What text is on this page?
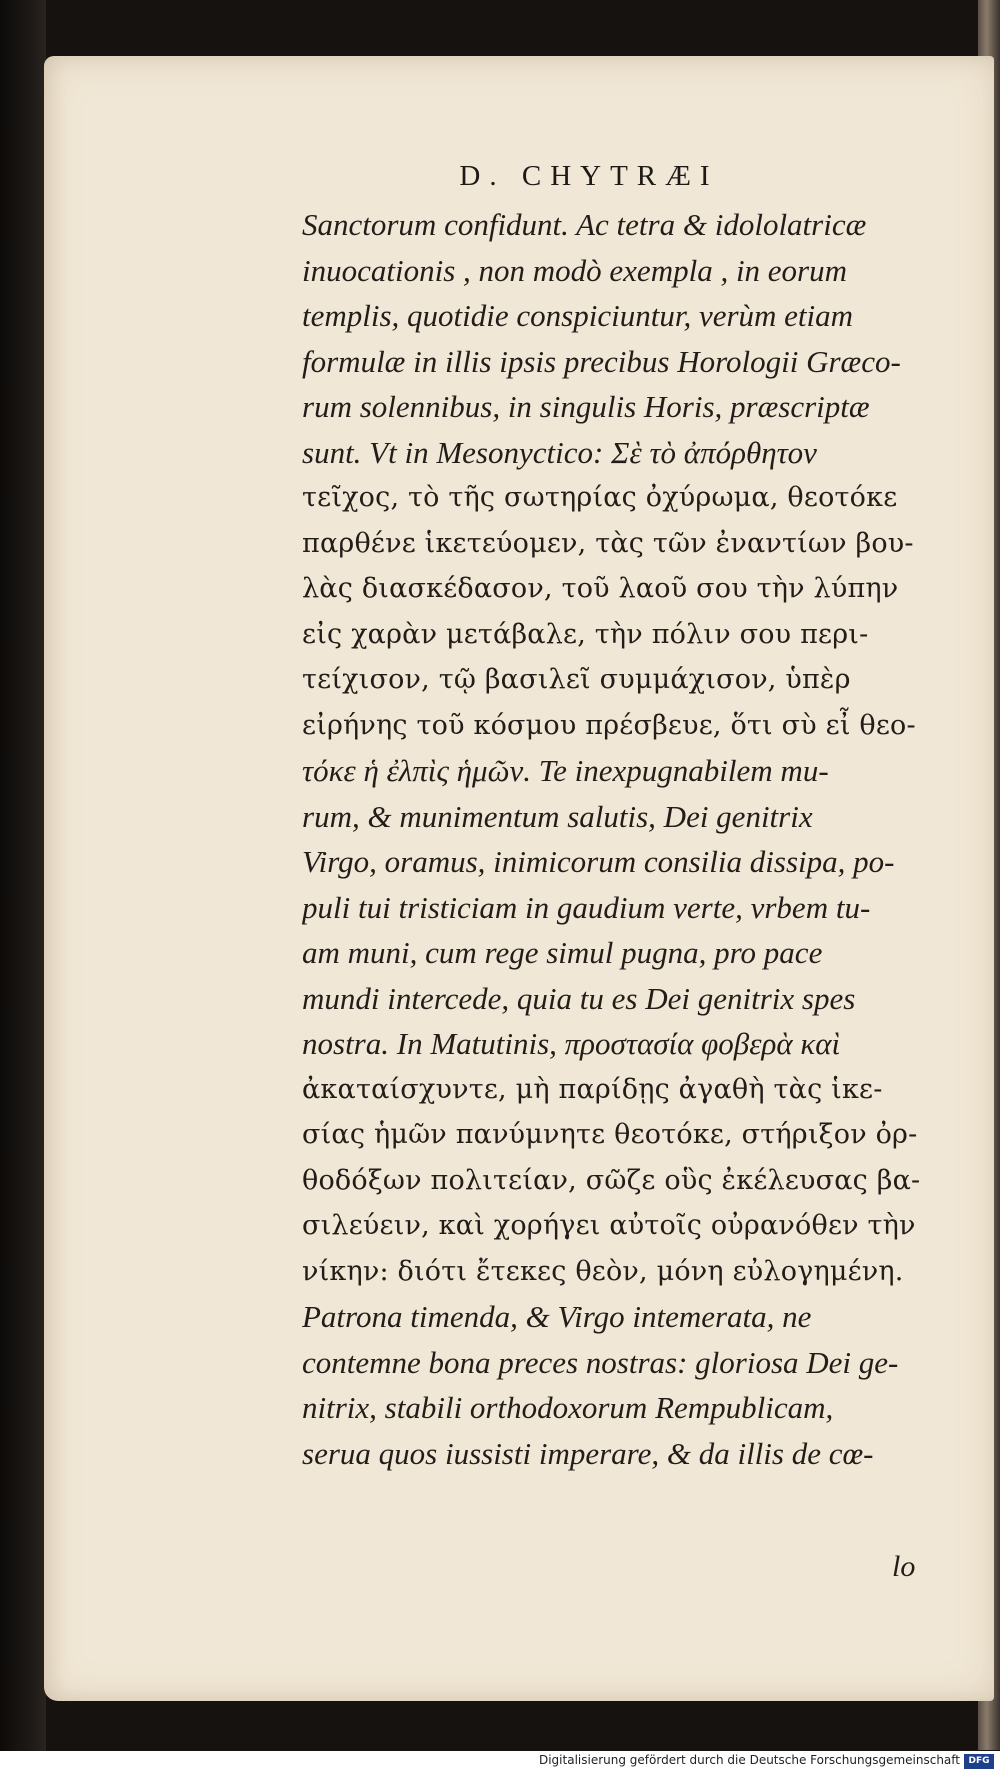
D. CHYTRÆI
Sanctorum confidunt. Ac tetra & idololatricæ
inuocationis , non modò exempla , in eorum
templis, quotidie conspiciuntur, verùm etiam
formulæ in illis ipsis precibus Horologii Græco-
rum solennibus, in singulis Horis, præscriptæ
sunt. Vt in Mesonyctico: Σὲ τὸ ἀπόρθητον
τεῖχος, τὸ τῆς σωτηρίας ὀχύρωμα, θεοτόκε
παρθένε ἱκετεύομεν, τὰς τῶν ἐναντίων βου-
λὰς διασκέδασον, τοῦ λαοῦ σου τὴν λύπην
εἰς χαρὰν μετάβαλε, τὴν πόλιν σου περι-
τείχισον, τῷ βασιλεῖ συμμάχισον, ὑπὲρ
εἰρήνης τοῦ κόσμου πρέσβευε, ὅτι σὺ εἶ θεο-
τόκε ἡ ἐλπὶς ἡμῶν. Te inexpugnabilem mu-
rum, & munimentum salutis, Dei genitrix
Virgo, oramus, inimicorum consilia dissipa, po-
puli tui tristiciam in gaudium verte, vrbem tu-
am muni, cum rege simul pugna, pro pace
mundi intercede, quia tu es Dei genitrix spes
nostra. In Matutinis, προστασία φοβερὰ καὶ
ἀκαταίσχυντε, μὴ παρίδῃς ἀγαθὴ τὰς ἱκε-
σίας ἡμῶν πανύμνητε θεοτόκε, στήριξον ὀρ-
θοδόξων πολιτείαν, σῶζε οὓς ἐκέλευσας βα-
σιλεύειν, καὶ χορήγει αὐτοῖς οὐρανόθεν τὴν
νίκην: διότι ἔτεκες θεὸν, μόνη εὐλογημένη.
Patrona timenda, & Virgo intemerata, ne
contemne bona preces nostras: gloriosa Dei ge-
nitrix, stabili orthodoxorum Rempublicam,
serua quos iussisti imperare, & da illis de cœ-
lo
Digitalisierung gefördert durch die Deutsche Forschungsgemeinschaft DFG
